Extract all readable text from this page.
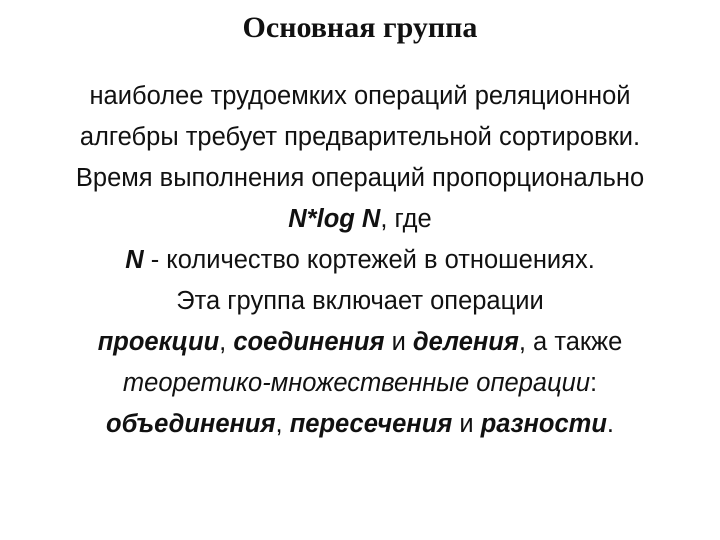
Основная группа
наиболее трудоемких операций реляционной
алгебры требует предварительной сортировки.
Время выполнения операций пропорционально
N*log N, где
N - количество кортежей в отношениях.
Эта группа включает операции
проекции, соединения и деления, а также
теоретико-множественные операции:
объединения, пересечения и разности.
